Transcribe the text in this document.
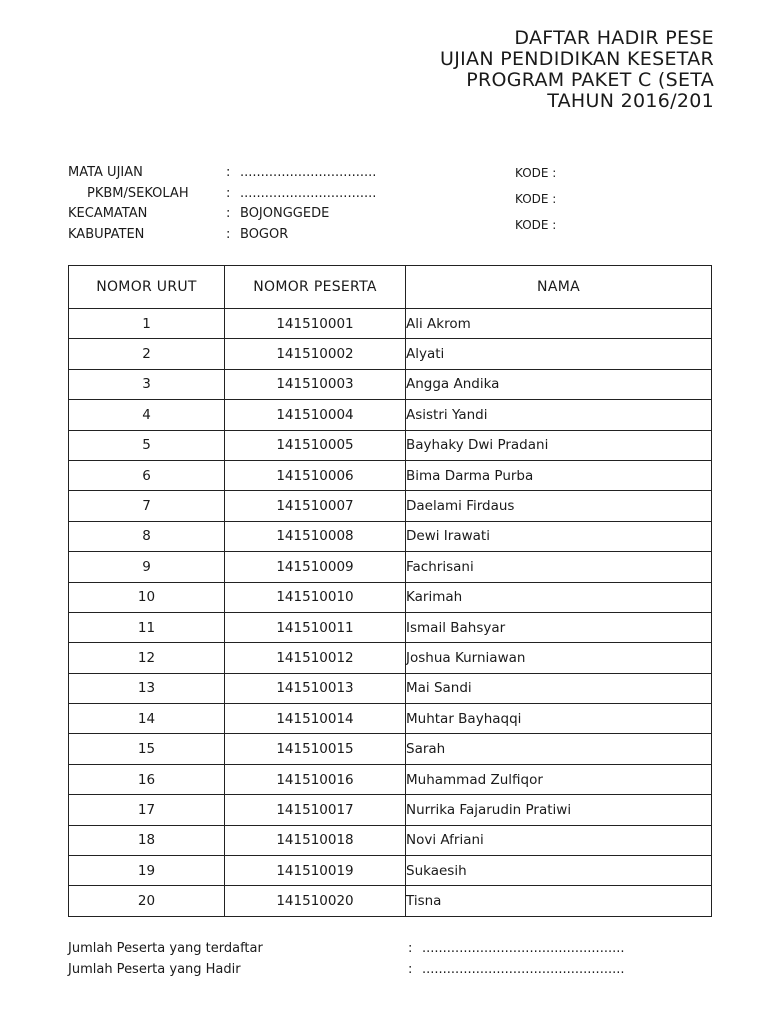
DAFTAR HADIR PESE
UJIAN PENDIDIKAN KESETAR
PROGRAM PAKET C (SETA
TAHUN 2016/201
MATA UJIAN	: .................................
PKBM/SEKOLAH	: .................................
KECAMATAN	: BOJONGGEDE
KABUPATEN	: BOGOR
KODE :
KODE :
KODE :
NOMOR URUT	NOMOR PESERTA	NAMA
1	141510001	Ali Akrom
2	141510002	Alyati
3	141510003	Angga Andika
4	141510004	Asistri Yandi
5	141510005	Bayhaky Dwi Pradani
6	141510006	Bima Darma Purba
7	141510007	Daelami Firdaus
8	141510008	Dewi Irawati
9	141510009	Fachrisani
10	141510010	Karimah
11	141510011	Ismail Bahsyar
12	141510012	Joshua Kurniawan
13	141510013	Mai Sandi
14	141510014	Muhtar Bayhaqqi
15	141510015	Sarah
16	141510016	Muhammad Zulfiqor
17	141510017	Nurrika Fajarudin Pratiwi
18	141510018	Novi Afriani
19	141510019	Sukaesih
20	141510020	Tisna
Jumlah Peserta yang terdaftar	: .................................................
Jumlah Peserta yang Hadir	: .................................................
